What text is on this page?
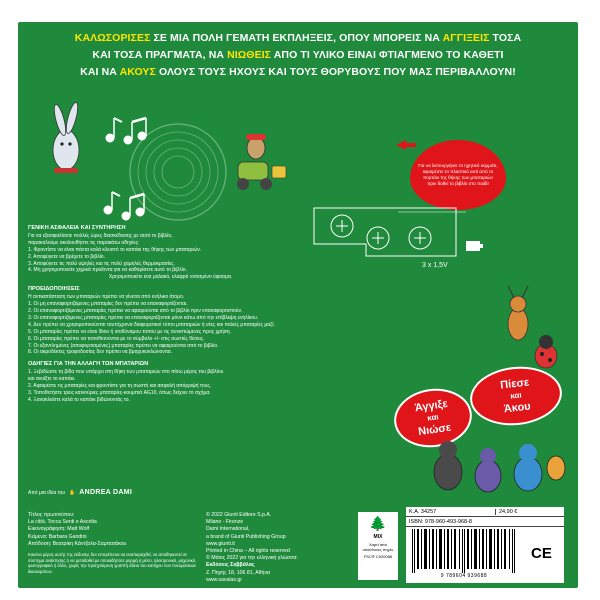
ΚΑΛΩΣΟΡΙΣΕΣ ΣΕ ΜΙΑ ΠΟΛΗ ΓΕΜΑΤΗ ΕΚΠΛΗΞΕΙΣ, ΟΠΟΥ ΜΠΟΡΕΙΣ ΝΑ ΑΓΓΙΞΕΙΣ ΤΟΣΑ
ΚΑΙ ΤΟΣΑ ΠΡΑΓΜΑΤΑ, ΝΑ ΝΙΩΘΕΙΣ ΑΠΟ ΤΙ ΥΛΙΚΟ ΕΙΝΑΙ ΦΤΙΑΓΜΕΝΟ ΤΟ ΚΑΘΕΤΙ
ΚΑΙ ΝΑ ΑΚΟΥΣ ΟΛΟΥΣ ΤΟΥΣ ΗΧΟΥΣ ΚΑΙ ΤΟΥΣ ΘΟΡΥΒΟΥΣ ΠΟΥ ΜΑΣ ΠΕΡΙΒΑΛΛΟΥΝ!
Για να λειτουργήσει το ηχητικό κομμάτι, αφαιρέστε το πλαστικό αυτί από το πορτάκι της θήκης των μπαταριών πριν δοθεί το βιβλίο στο παιδί!
3 x 1,5V
ΓΕΝΙΚΗ ΑΣΦΑΛΕΙΑ ΚΑΙ ΣΥΝΤΗΡΗΣΗ

Για να εξασφαλίσετε πολλές ώρες διασκέδασης με αυτό το βιβλίο,

παρακαλούμε ακολουθήστε τις παρακάτω οδηγίες:

1. Φροντίστε να είναι πάντα καλά κλειστό το καπάκι της θήκης των μπαταριών.

2. Αποφύγετε να βρέχετε το βιβλίο.

3. Αποφύγετε τις πολύ υψηλές και τις πολύ χαμηλές θερμοκρασίες.

4. Μη χρησιμοποιείτε χημικά προϊόντα για να καθαρίσετε αυτό το βιβλίο.

Χρησιμοποιείτε ένα μαλακό, ελαφρά νοτισμένο ύφασμα.

ΠΡΟΕΙΔΟΠΟΙΗΣΕΙΣ

Η αντικατάσταση των μπαταριών πρέπει να γίνεται από ενήλικο άτομο.

1. Οι μη επαναφορτιζόμενες μπαταρίες δεν πρέπει να επαναφορτίζονται.

2. Οι επαναφορτιζόμενες μπαταρίες πρέπει να αφαιρούνται από το βιβλίο πριν επαναφορτιστούν.

3. Οι επαναφορτιζόμενες μπαταρίες πρέπει να επαναφορτίζονται μόνο κάτω από την επίβλεψη ενηλίκου.

4. Δεν πρέπει να χρησιμοποιούνται ταυτόχρονα διαφορετικοί τύποι μπαταριών ή νέες και παλιές μπαταρίες μαζί.

5. Οι μπαταρίες πρέπει να είναι ίδιου ή ισοδύναμου τύπου με τις συνιστώμενες προς χρήση.

6. Οι μπαταρίες πρέπει να τοποθετούνται με το σύμβολο +/- στις σωστές θέσεις.

7. Οι εξαντλημένες (αποφορτισμένες) μπαταρίες πρέπει να αφαιρούνται από το βιβλίο.

8. Οι ακροδέκτες τροφοδοσίας δεν πρέπει να βραχυκυκλώνονται.

ΟΔΗΓΙΕΣ ΓΙΑ ΤΗΝ ΑΛΛΑΓΗ ΤΩΝ ΜΠΑΤΑΡΙΩΝ

1. Ξεβιδώστε τη βίδα που υπάρχει στη θήκη των μπαταριών στο πίσω μέρος του βιβλίου

και ανοίξτε το καπάκι.

2. Αφαιρέστε τις μπαταρίες και φροντίστε για τη σωστή και ασφαλή απόρριψή τους.

3. Τοποθετήστε τρεις καινούριες μπαταρίες-κουμπιά AG10, όπως δείχνει το σχήμα.

4. Ξανακλείστε καλά το καπάκι βιδώνοντάς το.	Άγγιξε
και
Νιώσε
Πίεσε
και
Άκου
Από μια ιδέα του ✋ ANDREA DAMI

Τίτλος πρωτοτύπου:

La città. Tocca Senti e Ascolta

Εικονογράφηση: Matt Wolf

Κείμενα: Barbara Gandini

Απόδοση: Βεατρίκη Κάντζολα-Σαμπατάκου

Κανένα μέρος αυτής της έκδοσης δεν επιτρέπεται να αναπαραχθεί, να αποθηκευτεί σε σύστημα ανάκτησης ή να μεταδοθεί με οποιαδήποτε μορφή ή μέσο, ηλεκτρονικό, μηχανικό, φωτογραφικό ή άλλο, χωρίς την προηγούμενη γραπτή άδεια του κατόχου των πνευματικών δικαιωμάτων.

© 2022 Giunti Editore S.p.A.

Milano - Firenze

Dami International,

a brand of Giunti Publishing Group

www.giunti.it

Printed in China – All rights reserved

© Μάιος 2022 για την ελληνική γλώσσα:

Εκδόσεις Σαββάλας

Ζ. Πηγής 18, 106 81, Αθήνα

www.savalas.gr

🌲
MIX
Χαρτί από υπεύθυνες πηγές
FSC® C020056
Κ.Α. 34257	24,90 €
ISBN: 978-960-493-968-8
9 789604 939688
CE
